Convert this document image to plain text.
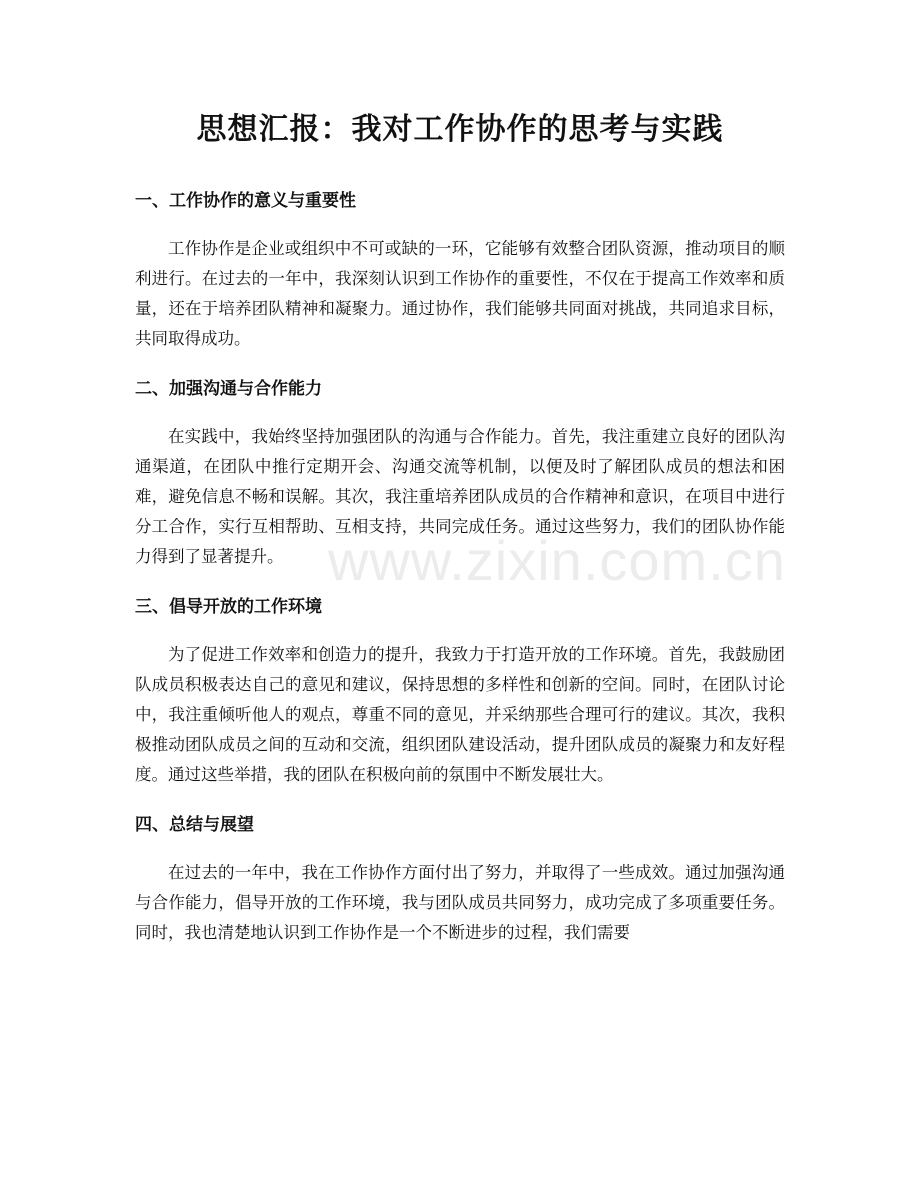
思想汇报：我对工作协作的思考与实践
一、工作协作的意义与重要性

工作协作是企业或组织中不可或缺的一环，它能够有效整合团队资源，推动项目的顺利进行。在过去的一年中，我深刻认识到工作协作的重要性，不仅在于提高工作效率和质量，还在于培养团队精神和凝聚力。通过协作，我们能够共同面对挑战，共同追求目标，共同取得成功。

二、加强沟通与合作能力

在实践中，我始终坚持加强团队的沟通与合作能力。首先，我注重建立良好的团队沟通渠道，在团队中推行定期开会、沟通交流等机制，以便及时了解团队成员的想法和困难，避免信息不畅和误解。其次，我注重培养团队成员的合作精神和意识，在项目中进行分工合作，实行互相帮助、互相支持，共同完成任务。通过这些努力，我们的团队协作能力得到了显著提升。

三、倡导开放的工作环境

为了促进工作效率和创造力的提升，我致力于打造开放的工作环境。首先，我鼓励团队成员积极表达自己的意见和建议，保持思想的多样性和创新的空间。同时，在团队讨论中，我注重倾听他人的观点，尊重不同的意见，并采纳那些合理可行的建议。其次，我积极推动团队成员之间的互动和交流，组织团队建设活动，提升团队成员的凝聚力和友好程度。通过这些举措，我的团队在积极向前的氛围中不断发展壮大。

四、总结与展望

在过去的一年中，我在工作协作方面付出了努力，并取得了一些成效。通过加强沟通与合作能力，倡导开放的工作环境，我与团队成员共同努力，成功完成了多项重要任务。同时，我也清楚地认识到工作协作是一个不断进步的过程，我们需要

www.zixin.com.cn
